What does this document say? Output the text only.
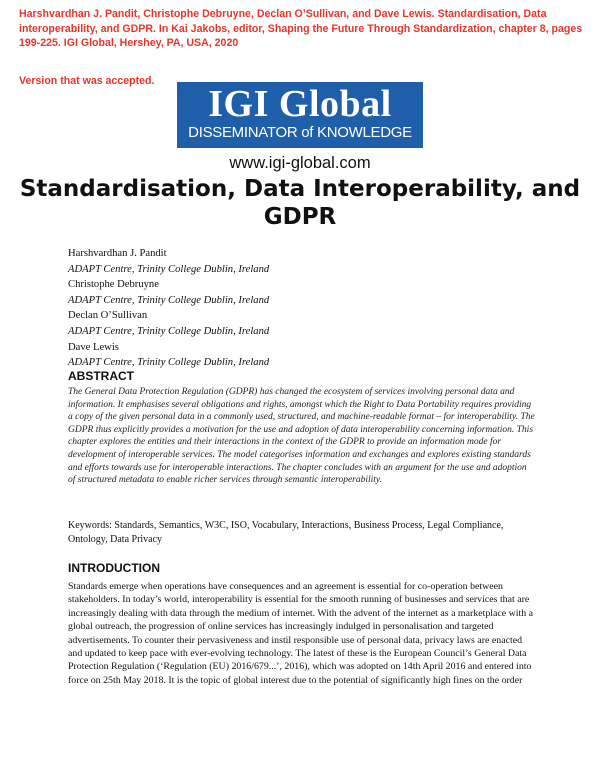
Harshvardhan J. Pandit, Christophe Debruyne, Declan O’Sullivan, and Dave Lewis. Standardisation, Data interoperability, and GDPR. In Kai Jakobs, editor, Shaping the Future Through Standardization, chapter 8, pages 199-225. IGI Global, Hershey, PA, USA, 2020
Version that was accepted.
IGI Global
DISSEMINATOR of KNOWLEDGE
www.igi-global.com
Standardisation, Data Interoperability, and GDPR
Harshvardhan J. Pandit
ADAPT Centre, Trinity College Dublin, Ireland
Christophe Debruyne
ADAPT Centre, Trinity College Dublin, Ireland
Declan O’Sullivan
ADAPT Centre, Trinity College Dublin, Ireland
Dave Lewis
ADAPT Centre, Trinity College Dublin, Ireland
ABSTRACT
The General Data Protection Regulation (GDPR) has changed the ecosystem of services involving personal data and information. It emphasises several obligations and rights, amongst which the Right to Data Portability requires providing a copy of the given personal data in a commonly used, structured, and machine-readable format – for interoperability. The GDPR thus explicitly provides a motivation for the use and adoption of data interoperability concerning information. This chapter explores the entities and their interactions in the context of the GDPR to provide an information mode for development of interoperable services. The model categorises information and exchanges and explores existing standards and efforts towards use for interoperable interactions. The chapter concludes with an argument for the use and adoption of structured metadata to enable richer services through semantic interoperability.
Keywords: Standards, Semantics, W3C, ISO, Vocabulary, Interactions, Business Process, Legal Compliance, Ontology, Data Privacy
INTRODUCTION
Standards emerge when operations have consequences and an agreement is essential for co-operation between stakeholders. In today’s world, interoperability is essential for the smooth running of businesses and services that are increasingly dealing with data through the medium of internet. With the advent of the internet as a marketplace with a global outreach, the progression of online services has increasingly indulged in personalisation and targeted advertisements. To counter their pervasiveness and instil responsible use of personal data, privacy laws are enacted and updated to keep pace with ever-evolving technology. The latest of these is the European Council’s General Data Protection Regulation (‘Regulation (EU) 2016/679...’, 2016), which was adopted on 14th April 2016 and entered into force on 25th May 2018. It is the topic of global interest due to the potential of significantly high fines on the order
